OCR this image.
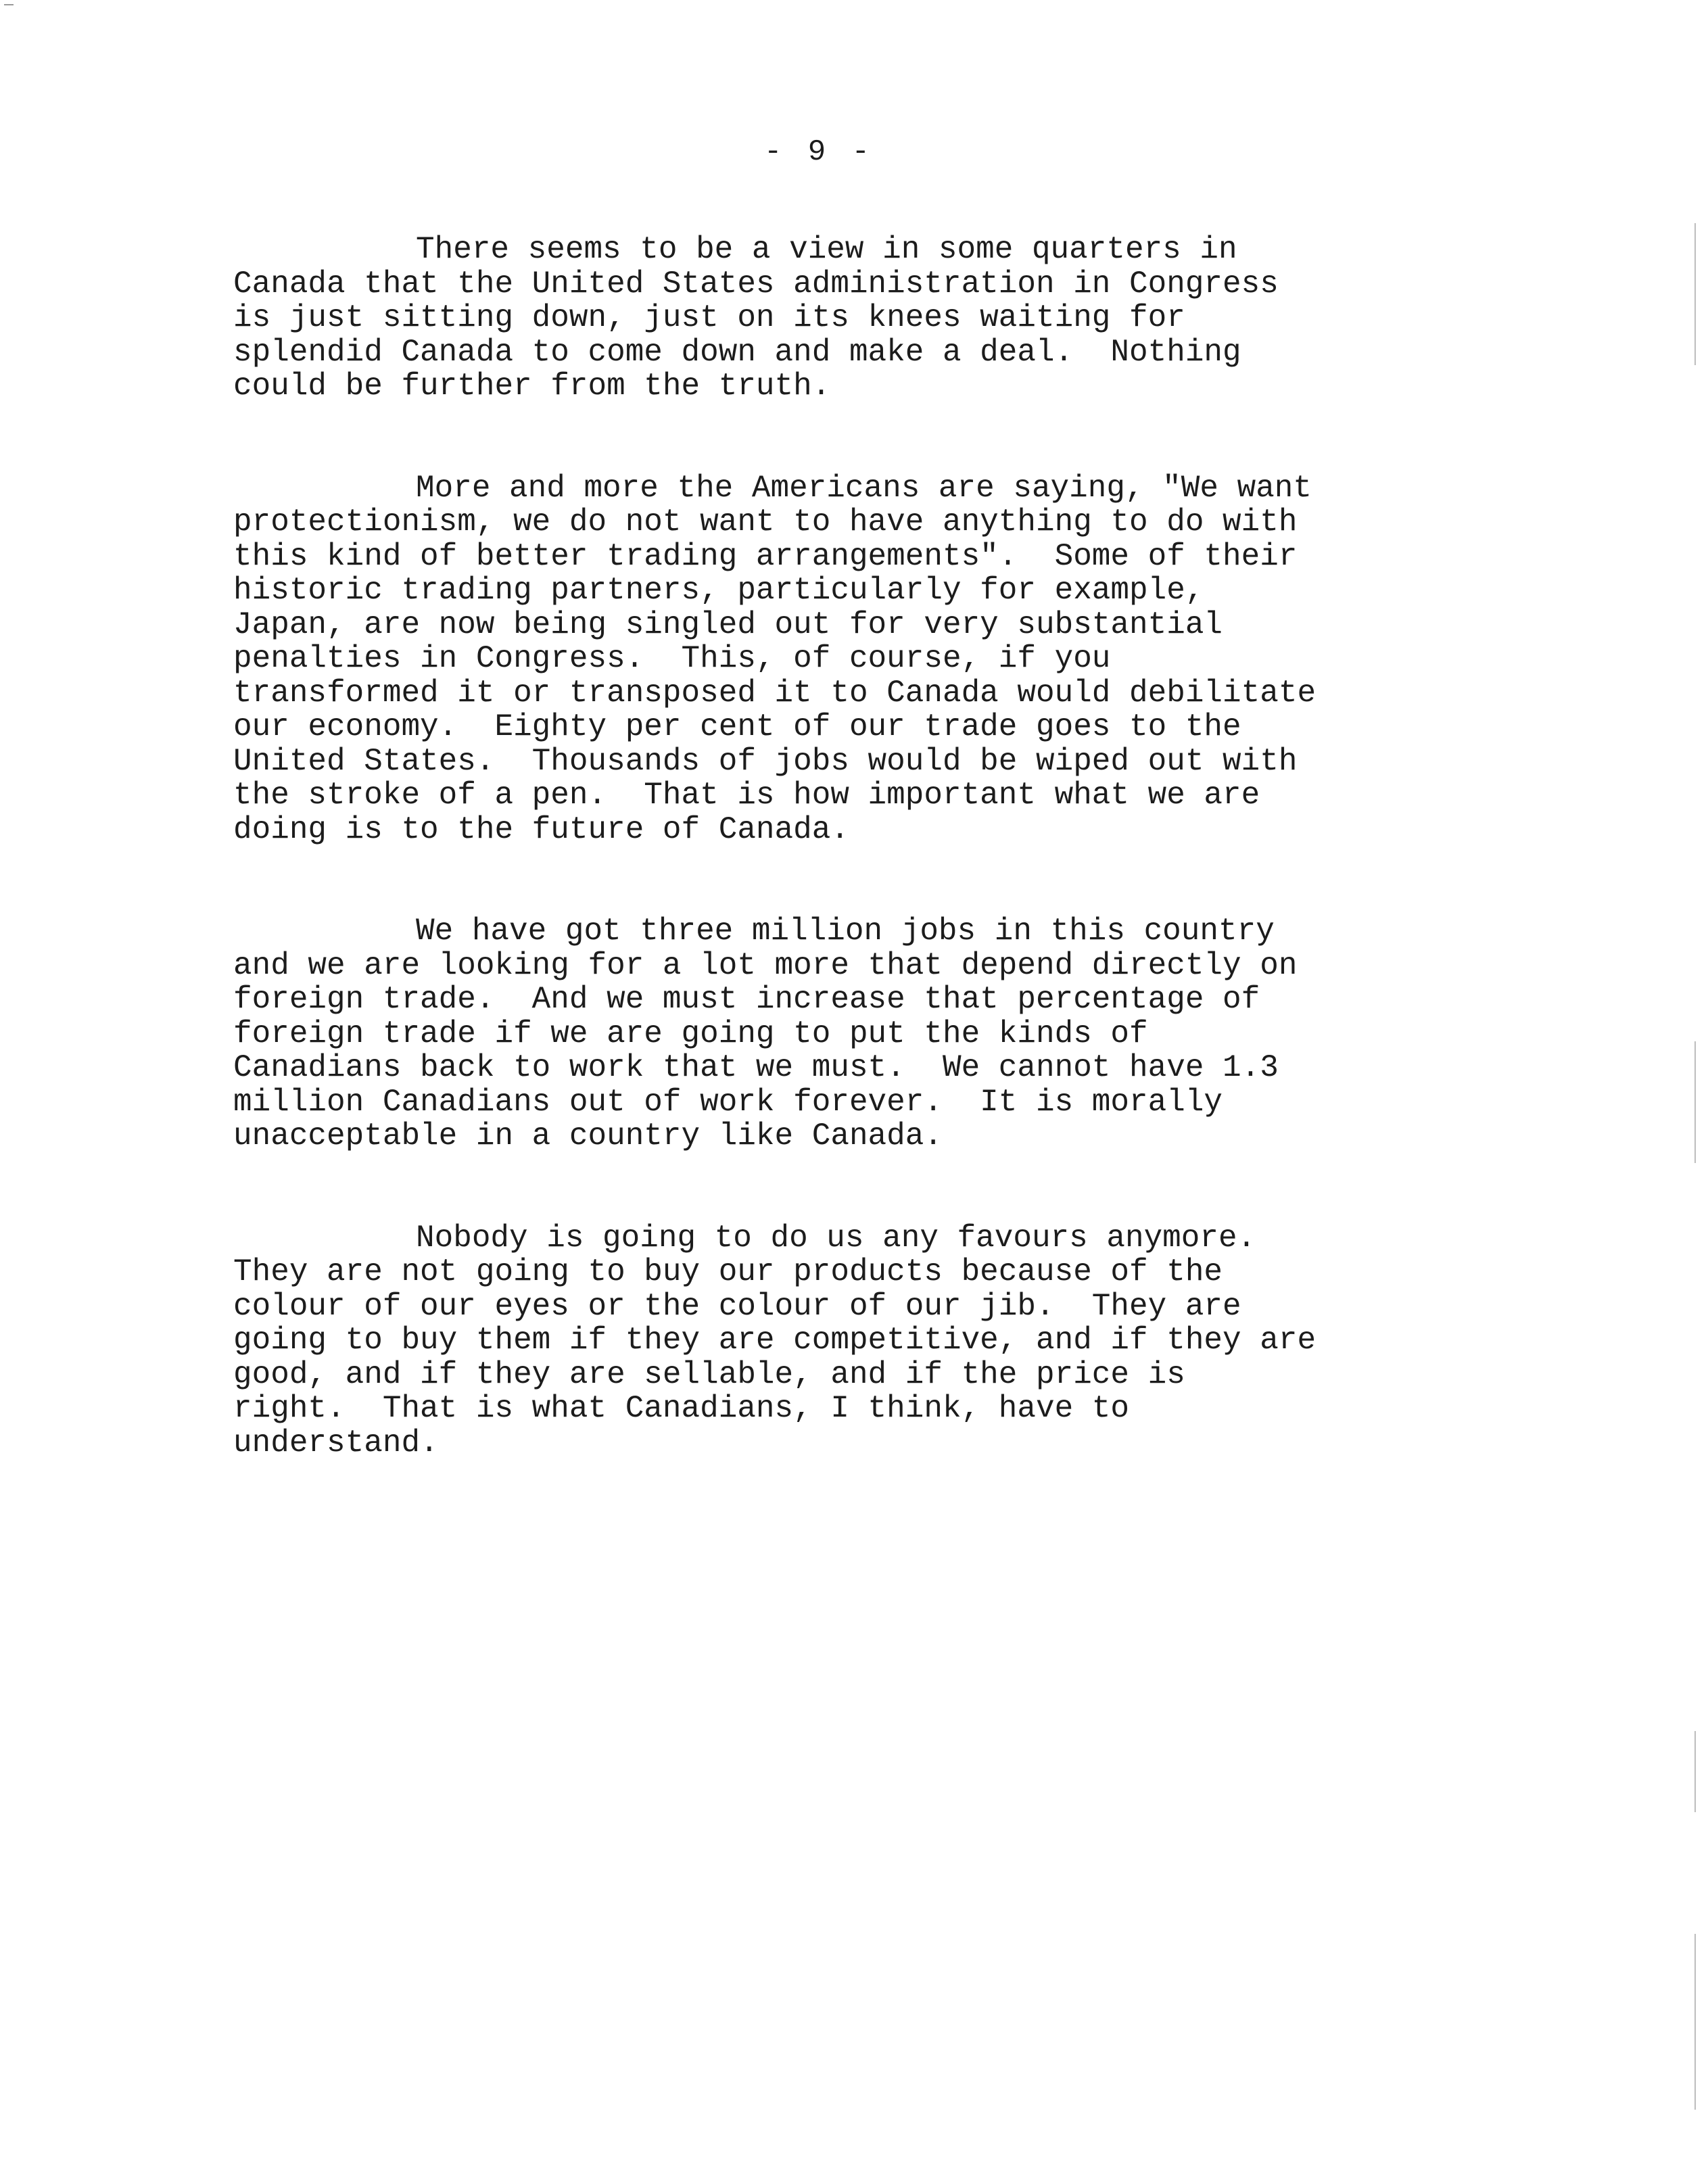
- 9 -
There seems to be a view in some quarters in
Canada that the United States administration in Congress
is just sitting down, just on its knees waiting for
splendid Canada to come down and make a deal.  Nothing
could be further from the truth.
More and more the Americans are saying, "We want
protectionism, we do not want to have anything to do with
this kind of better trading arrangements".  Some of their
historic trading partners, particularly for example,
Japan, are now being singled out for very substantial
penalties in Congress.  This, of course, if you
transformed it or transposed it to Canada would debilitate
our economy.  Eighty per cent of our trade goes to the
United States.  Thousands of jobs would be wiped out with
the stroke of a pen.  That is how important what we are
doing is to the future of Canada.
We have got three million jobs in this country
and we are looking for a lot more that depend directly on
foreign trade.  And we must increase that percentage of
foreign trade if we are going to put the kinds of
Canadians back to work that we must.  We cannot have 1.3
million Canadians out of work forever.  It is morally
unacceptable in a country like Canada.
Nobody is going to do us any favours anymore.
They are not going to buy our products because of the
colour of our eyes or the colour of our jib.  They are
going to buy them if they are competitive, and if they are
good, and if they are sellable, and if the price is
right.  That is what Canadians, I think, have to
understand.
